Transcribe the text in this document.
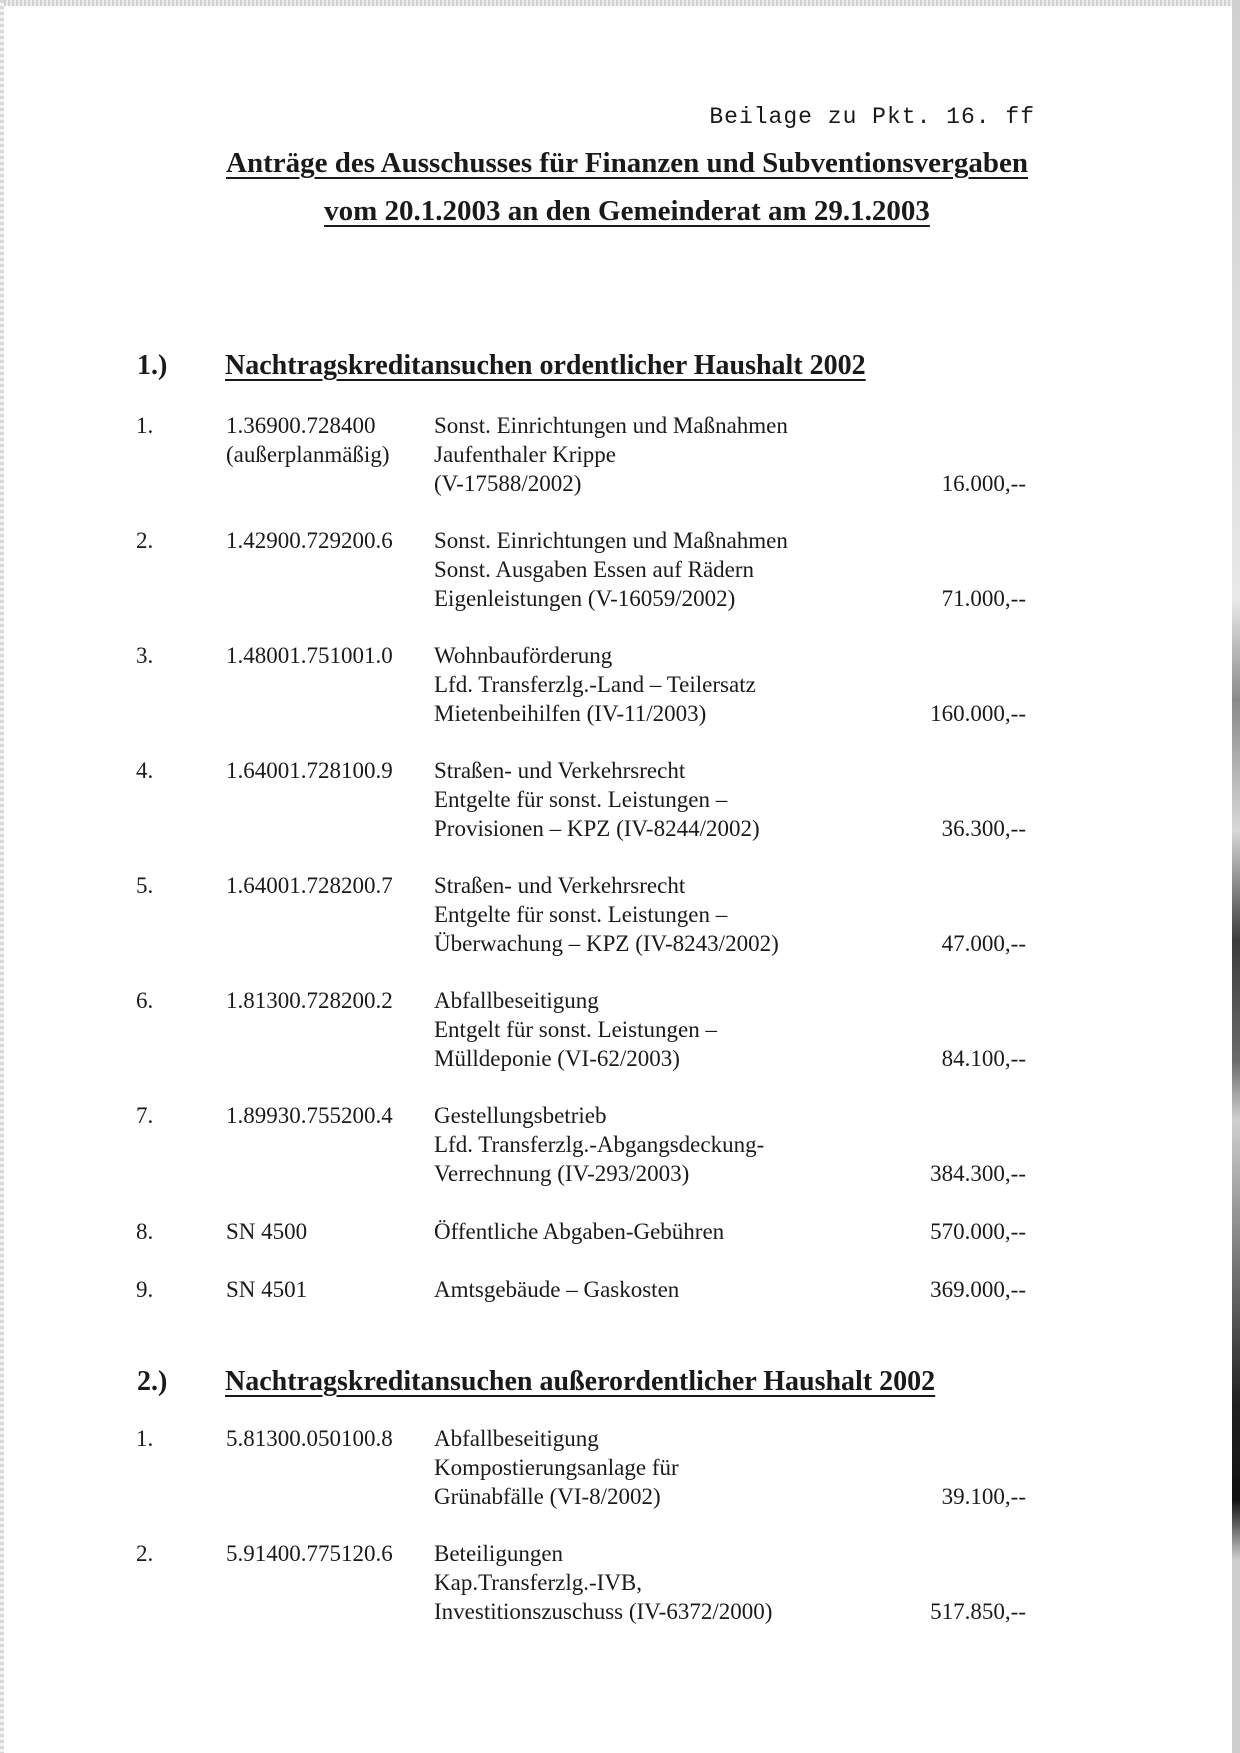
Beilage zu Pkt. 16. ff
Anträge des Ausschusses für Finanzen und Subventionsvergaben
vom 20.1.2003 an den Gemeinderat am 29.1.2003
1.) Nachtragskreditansuchen ordentlicher Haushalt 2002
1.	1.36900.728400
(außerplanmäßig)
Sonst. Einrichtungen und Maßnahmen
Jaufenthaler Krippe
(V-17588/2002)	16.000,--
2.	1.42900.729200.6 Sonst. Einrichtungen und Maßnahmen
Sonst. Ausgaben Essen auf Rädern
Eigenleistungen (V-16059/2002)	71.000,--
3.	1.48001.751001.0 Wohnbauförderung
Lfd. Transferzlg.-Land – Teilersatz
Mietenbeihilfen (IV-11/2003)	160.000,--
4.	1.64001.728100.9 Straßen- und Verkehrsrecht
Entgelte für sonst. Leistungen –
Provisionen – KPZ (IV-8244/2002)	36.300,--
5.	1.64001.728200.7 Straßen- und Verkehrsrecht
Entgelte für sonst. Leistungen –
Überwachung – KPZ (IV-8243/2002)	47.000,--
6.	1.81300.728200.2 Abfallbeseitigung
Entgelt für sonst. Leistungen –
Mülldeponie (VI-62/2003)	84.100,--
7.	1.89930.755200.4 Gestellungsbetrieb
Lfd. Transferzlg.-Abgangsdeckung-
Verrechnung (IV-293/2003)	384.300,--
8.	SN 4500	Öffentliche Abgaben-Gebühren	570.000,--
9.	SN 4501	Amtsgebäude – Gaskosten	369.000,--
2.) Nachtragskreditansuchen außerordentlicher Haushalt 2002
1.	5.81300.050100.8 Abfallbeseitigung
Kompostierungsanlage für
Grünabfälle (VI-8/2002)	39.100,--
2.	5.91400.775120.6 Beteiligungen
Kap.Transferzlg.-IVB,
Investitionszuschuss (IV-6372/2000)	517.850,--
